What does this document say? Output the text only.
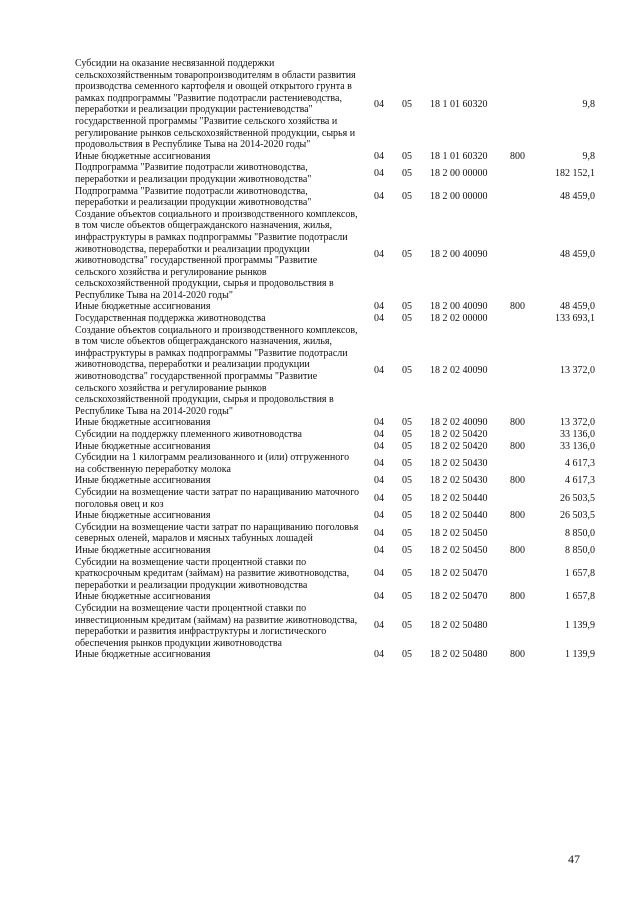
Субсидии на оказание несвязанной поддержки сельскохозяйственным товаропроизводителям в области развития производства семенного картофеля и овощей открытого грунта в рамках подпрограммы "Развитие подотрасли растениеводства, переработки и реализации продукции растениеводства" государственной программы "Развитие сельского хозяйства и регулирование рынков сельскохозяйственной продукции, сырья и продовольствия в Республике Тыва на 2014-2020 годы"	04	05	18 1 01 60320		9,8
Иные бюджетные ассигнования	04	05	18 1 01 60320	800	9,8
Подпрограмма "Развитие подотрасли животноводства, переработки и реализации продукции животноводства"	04	05	18 2 00 00000		182 152,1
Подпрограмма "Развитие подотрасли животноводства, переработки и реализации продукции животноводства"	04	05	18 2 00 00000		48 459,0
Создание объектов социального и производственного комплексов, в том числе объектов общегражданского назначения, жилья, инфраструктуры в рамках подпрограммы "Развитие подотрасли животноводства, переработки и реализации продукции животноводства" государственной программы "Развитие сельского хозяйства и регулирование рынков сельскохозяйственной продукции, сырья и продовольствия в Республике Тыва на 2014-2020 годы"	04	05	18 2 00 40090		48 459,0
Иные бюджетные ассигнования	04	05	18 2 00 40090	800	48 459,0
Государственная поддержка животноводства	04	05	18 2 02 00000		133 693,1
Создание объектов социального и производственного комплексов, в том числе объектов общегражданского назначения, жилья, инфраструктуры в рамках подпрограммы "Развитие подотрасли животноводства, переработки и реализации продукции животноводства" государственной программы "Развитие сельского хозяйства и регулирование рынков сельскохозяйственной продукции, сырья и продовольствия в Республике Тыва на 2014-2020 годы"	04	05	18 2 02 40090		13 372,0
Иные бюджетные ассигнования	04	05	18 2 02 40090	800	13 372,0
Субсидии на поддержку племенного животноводства	04	05	18 2 02 50420		33 136,0
Иные бюджетные ассигнования	04	05	18 2 02 50420	800	33 136,0
Субсидии на 1 килограмм реализованного и (или) отгруженного на собственную переработку молока	04	05	18 2 02 50430		4 617,3
Иные бюджетные ассигнования	04	05	18 2 02 50430	800	4 617,3
Субсидии на возмещение части затрат по наращиванию маточного поголовья овец и коз	04	05	18 2 02 50440		26 503,5
Иные бюджетные ассигнования	04	05	18 2 02 50440	800	26 503,5
Субсидии на возмещение части затрат по наращиванию поголовья северных оленей, маралов и мясных табунных лошадей	04	05	18 2 02 50450		8 850,0
Иные бюджетные ассигнования	04	05	18 2 02 50450	800	8 850,0
Субсидии на возмещение части процентной ставки по краткосрочным кредитам (займам) на развитие животноводства, переработки и реализации продукции животноводства	04	05	18 2 02 50470		1 657,8
Иные бюджетные ассигнования	04	05	18 2 02 50470	800	1 657,8
Субсидии на возмещение части процентной ставки по инвестиционным кредитам (займам) на развитие животноводства, переработки и развития инфраструктуры и логистического обеспечения рынков продукции животноводства	04	05	18 2 02 50480		1 139,9
Иные бюджетные ассигнования	04	05	18 2 02 50480	800	1 139,9
47
